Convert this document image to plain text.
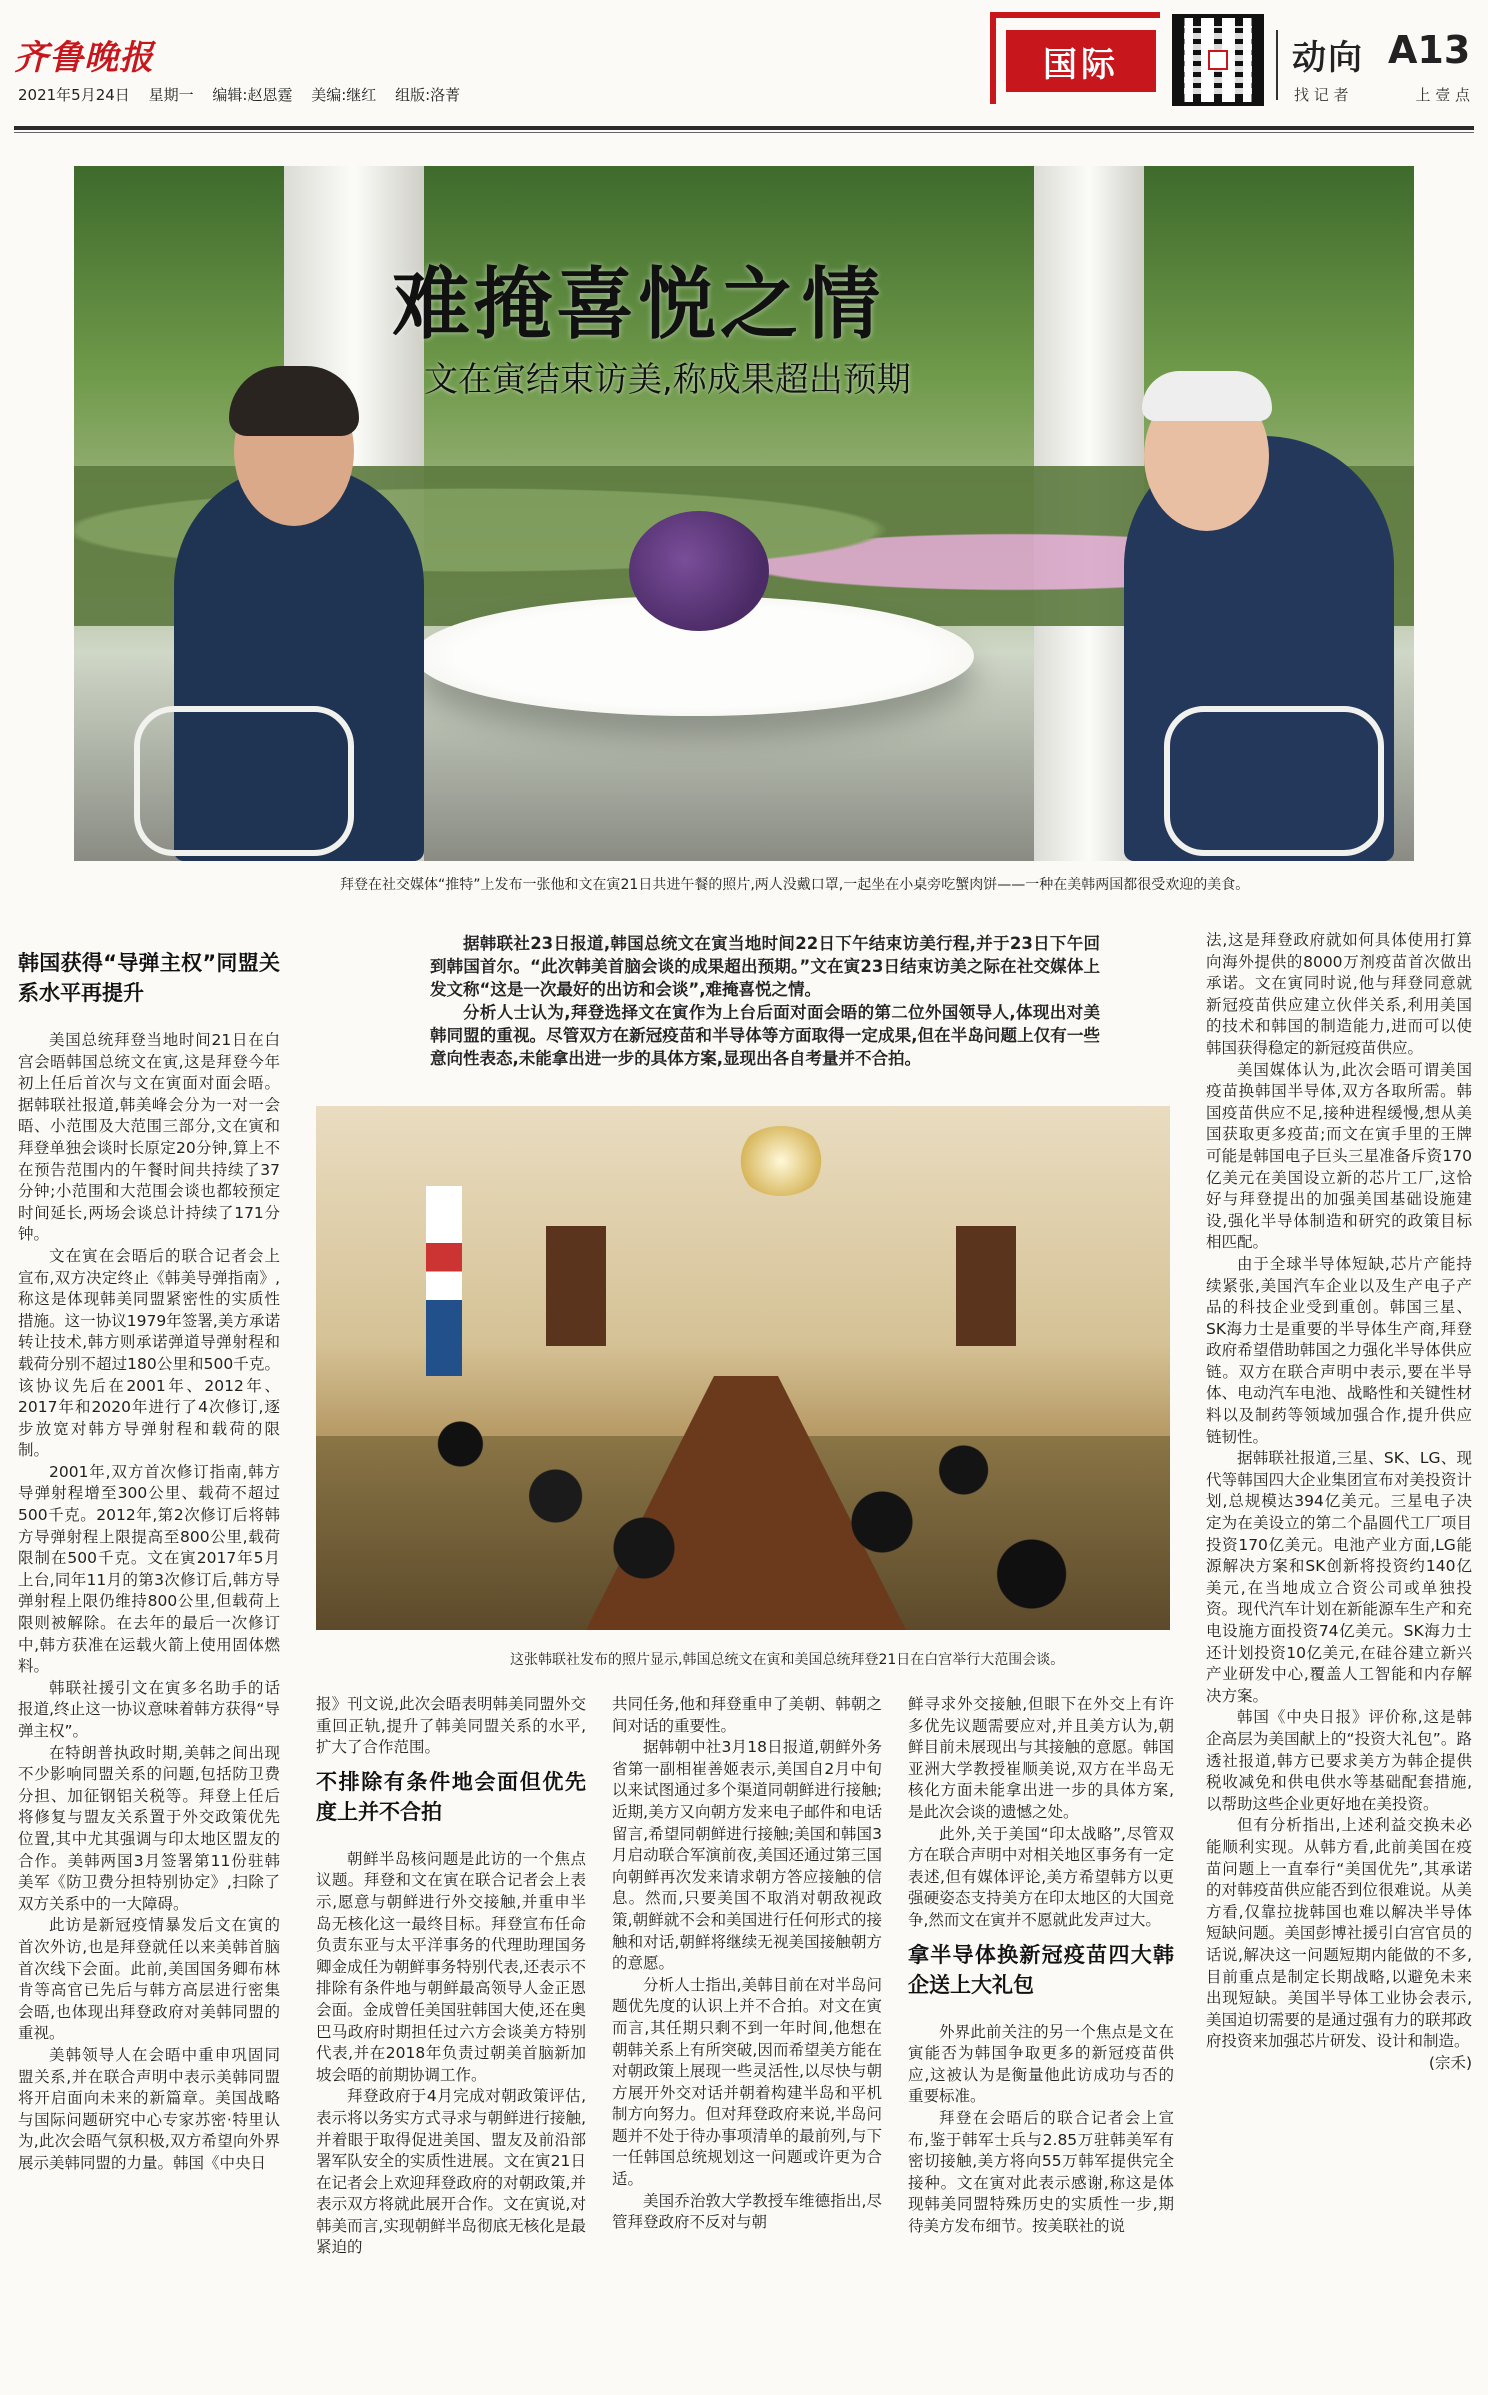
齐鲁晚报
2021年5月24日 星期一 编辑:赵恩霆 美编:继红 组版:洛菁
国际	动向 A13
找 记 者	上 壹 点
难掩喜悦之情
文在寅结束访美,称成果超出预期
拜登在社交媒体“推特”上发布一张他和文在寅21日共进午餐的照片,两人没戴口罩,一起坐在小桌旁吃蟹肉饼——一种在美韩两国都很受欢迎的美食。
韩国获得“导弹主权”同盟关系水平再提升

美国总统拜登当地时间21日在白宫会晤韩国总统文在寅,这是拜登今年初上任后首次与文在寅面对面会晤。据韩联社报道,韩美峰会分为一对一会晤、小范围及大范围三部分,文在寅和拜登单独会谈时长原定20分钟,算上不在预告范围内的午餐时间共持续了37分钟;小范围和大范围会谈也都较预定时间延长,两场会谈总计持续了171分钟。

文在寅在会晤后的联合记者会上宣布,双方决定终止《韩美导弹指南》,称这是体现韩美同盟紧密性的实质性措施。这一协议1979年签署,美方承诺转让技术,韩方则承诺弹道导弹射程和载荷分别不超过180公里和500千克。该协议先后在2001年、2012年、2017年和2020年进行了4次修订,逐步放宽对韩方导弹射程和载荷的限制。

2001年,双方首次修订指南,韩方导弹射程增至300公里、载荷不超过500千克。2012年,第2次修订后将韩方导弹射程上限提高至800公里,载荷限制在500千克。文在寅2017年5月上台,同年11月的第3次修订后,韩方导弹射程上限仍维持800公里,但载荷上限则被解除。在去年的最后一次修订中,韩方获准在运载火箭上使用固体燃料。

韩联社援引文在寅多名助手的话报道,终止这一协议意味着韩方获得“导弹主权”。

在特朗普执政时期,美韩之间出现不少影响同盟关系的问题,包括防卫费分担、加征钢铝关税等。拜登上任后将修复与盟友关系置于外交政策优先位置,其中尤其强调与印太地区盟友的合作。美韩两国3月签署第11份驻韩美军《防卫费分担特别协定》,扫除了双方关系中的一大障碍。

此访是新冠疫情暴发后文在寅的首次外访,也是拜登就任以来美韩首脑首次线下会面。此前,美国国务卿布林肯等高官已先后与韩方高层进行密集会晤,也体现出拜登政府对美韩同盟的重视。

美韩领导人在会晤中重申巩固同盟关系,并在联合声明中表示美韩同盟将开启面向未来的新篇章。美国战略与国际问题研究中心专家苏密·特里认为,此次会晤气氛积极,双方希望向外界展示美韩同盟的力量。韩国《中央日

据韩联社23日报道,韩国总统文在寅当地时间22日下午结束访美行程,并于23日下午回到韩国首尔。“此次韩美首脑会谈的成果超出预期。”文在寅23日结束访美之际在社交媒体上发文称“这是一次最好的出访和会谈”,难掩喜悦之情。

分析人士认为,拜登选择文在寅作为上台后面对面会晤的第二位外国领导人,体现出对美韩同盟的重视。尽管双方在新冠疫苗和半导体等方面取得一定成果,但在半岛问题上仅有一些意向性表态,未能拿出进一步的具体方案,显现出各自考量并不合拍。

这张韩联社发布的照片显示,韩国总统文在寅和美国总统拜登21日在白宫举行大范围会谈。
报》刊文说,此次会晤表明韩美同盟外交重回正轨,提升了韩美同盟关系的水平,扩大了合作范围。
不排除有条件地会面但优先度上并不合拍

朝鲜半岛核问题是此访的一个焦点议题。拜登和文在寅在联合记者会上表示,愿意与朝鲜进行外交接触,并重申半岛无核化这一最终目标。拜登宣布任命负责东亚与太平洋事务的代理助理国务卿金成任为朝鲜事务特别代表,还表示不排除有条件地与朝鲜最高领导人金正恩会面。金成曾任美国驻韩国大使,还在奥巴马政府时期担任过六方会谈美方特别代表,并在2018年负责过朝美首脑新加坡会晤的前期协调工作。

拜登政府于4月完成对朝政策评估,表示将以务实方式寻求与朝鲜进行接触,并着眼于取得促进美国、盟友及前沿部署军队安全的实质性进展。文在寅21日在记者会上欢迎拜登政府的对朝政策,并表示双方将就此展开合作。文在寅说,对韩美而言,实现朝鲜半岛彻底无核化是最紧迫的

共同任务,他和拜登重申了美朝、韩朝之间对话的重要性。

据韩朝中社3月18日报道,朝鲜外务省第一副相崔善姬表示,美国自2月中旬以来试图通过多个渠道同朝鲜进行接触;近期,美方又向朝方发来电子邮件和电话留言,希望同朝鲜进行接触;美国和韩国3月启动联合军演前夜,美国还通过第三国向朝鲜再次发来请求朝方答应接触的信息。然而,只要美国不取消对朝敌视政策,朝鲜就不会和美国进行任何形式的接触和对话,朝鲜将继续无视美国接触朝方的意愿。

分析人士指出,美韩目前在对半岛问题优先度的认识上并不合拍。对文在寅而言,其任期只剩不到一年时间,他想在朝韩关系上有所突破,因而希望美方能在对朝政策上展现一些灵活性,以尽快与朝方展开外交对话并朝着构建半岛和平机制方向努力。但对拜登政府来说,半岛问题并不处于待办事项清单的最前列,与下一任韩国总统规划这一问题或许更为合适。

美国乔治敦大学教授车维德指出,尽管拜登政府不反对与朝

鲜寻求外交接触,但眼下在外交上有许多优先议题需要应对,并且美方认为,朝鲜目前未展现出与其接触的意愿。韩国亚洲大学教授崔顺美说,双方在半岛无核化方面未能拿出进一步的具体方案,是此次会谈的遗憾之处。

此外,关于美国“印太战略”,尽管双方在联合声明中对相关地区事务有一定表述,但有媒体评论,美方希望韩方以更强硬姿态支持美方在印太地区的大国竞争,然而文在寅并不愿就此发声过大。

拿半导体换新冠疫苗四大韩企送上大礼包

外界此前关注的另一个焦点是文在寅能否为韩国争取更多的新冠疫苗供应,这被认为是衡量他此访成功与否的重要标准。

拜登在会晤后的联合记者会上宣布,鉴于韩军士兵与2.85万驻韩美军有密切接触,美方将向55万韩军提供完全接种。文在寅对此表示感谢,称这是体现韩美同盟特殊历史的实质性一步,期待美方发布细节。按美联社的说

法,这是拜登政府就如何具体使用打算向海外提供的8000万剂疫苗首次做出承诺。文在寅同时说,他与拜登同意就新冠疫苗供应建立伙伴关系,利用美国的技术和韩国的制造能力,进而可以使韩国获得稳定的新冠疫苗供应。

美国媒体认为,此次会晤可谓美国疫苗换韩国半导体,双方各取所需。韩国疫苗供应不足,接种进程缓慢,想从美国获取更多疫苗;而文在寅手里的王牌可能是韩国电子巨头三星准备斥资170亿美元在美国设立新的芯片工厂,这恰好与拜登提出的加强美国基础设施建设,强化半导体制造和研究的政策目标相匹配。

由于全球半导体短缺,芯片产能持续紧张,美国汽车企业以及生产电子产品的科技企业受到重创。韩国三星、SK海力士是重要的半导体生产商,拜登政府希望借助韩国之力强化半导体供应链。双方在联合声明中表示,要在半导体、电动汽车电池、战略性和关键性材料以及制药等领域加强合作,提升供应链韧性。

据韩联社报道,三星、SK、LG、现代等韩国四大企业集团宣布对美投资计划,总规模达394亿美元。三星电子决定为在美设立的第二个晶圆代工厂项目投资170亿美元。电池产业方面,LG能源解决方案和SK创新将投资约140亿美元,在当地成立合资公司或单独投资。现代汽车计划在新能源车生产和充电设施方面投资74亿美元。SK海力士还计划投资10亿美元,在硅谷建立新兴产业研发中心,覆盖人工智能和内存解决方案。

韩国《中央日报》评价称,这是韩企高层为美国献上的“投资大礼包”。路透社报道,韩方已要求美方为韩企提供税收减免和供电供水等基础配套措施,以帮助这些企业更好地在美投资。

但有分析指出,上述利益交换未必能顺利实现。从韩方看,此前美国在疫苗问题上一直奉行“美国优先”,其承诺的对韩疫苗供应能否到位很难说。从美方看,仅靠拉拢韩国也难以解决半导体短缺问题。美国彭博社援引白宫官员的话说,解决这一问题短期内能做的不多,目前重点是制定长期战略,以避免未来出现短缺。美国半导体工业协会表示,美国迫切需要的是通过强有力的联邦政府投资来加强芯片研发、设计和制造。

(宗禾)
